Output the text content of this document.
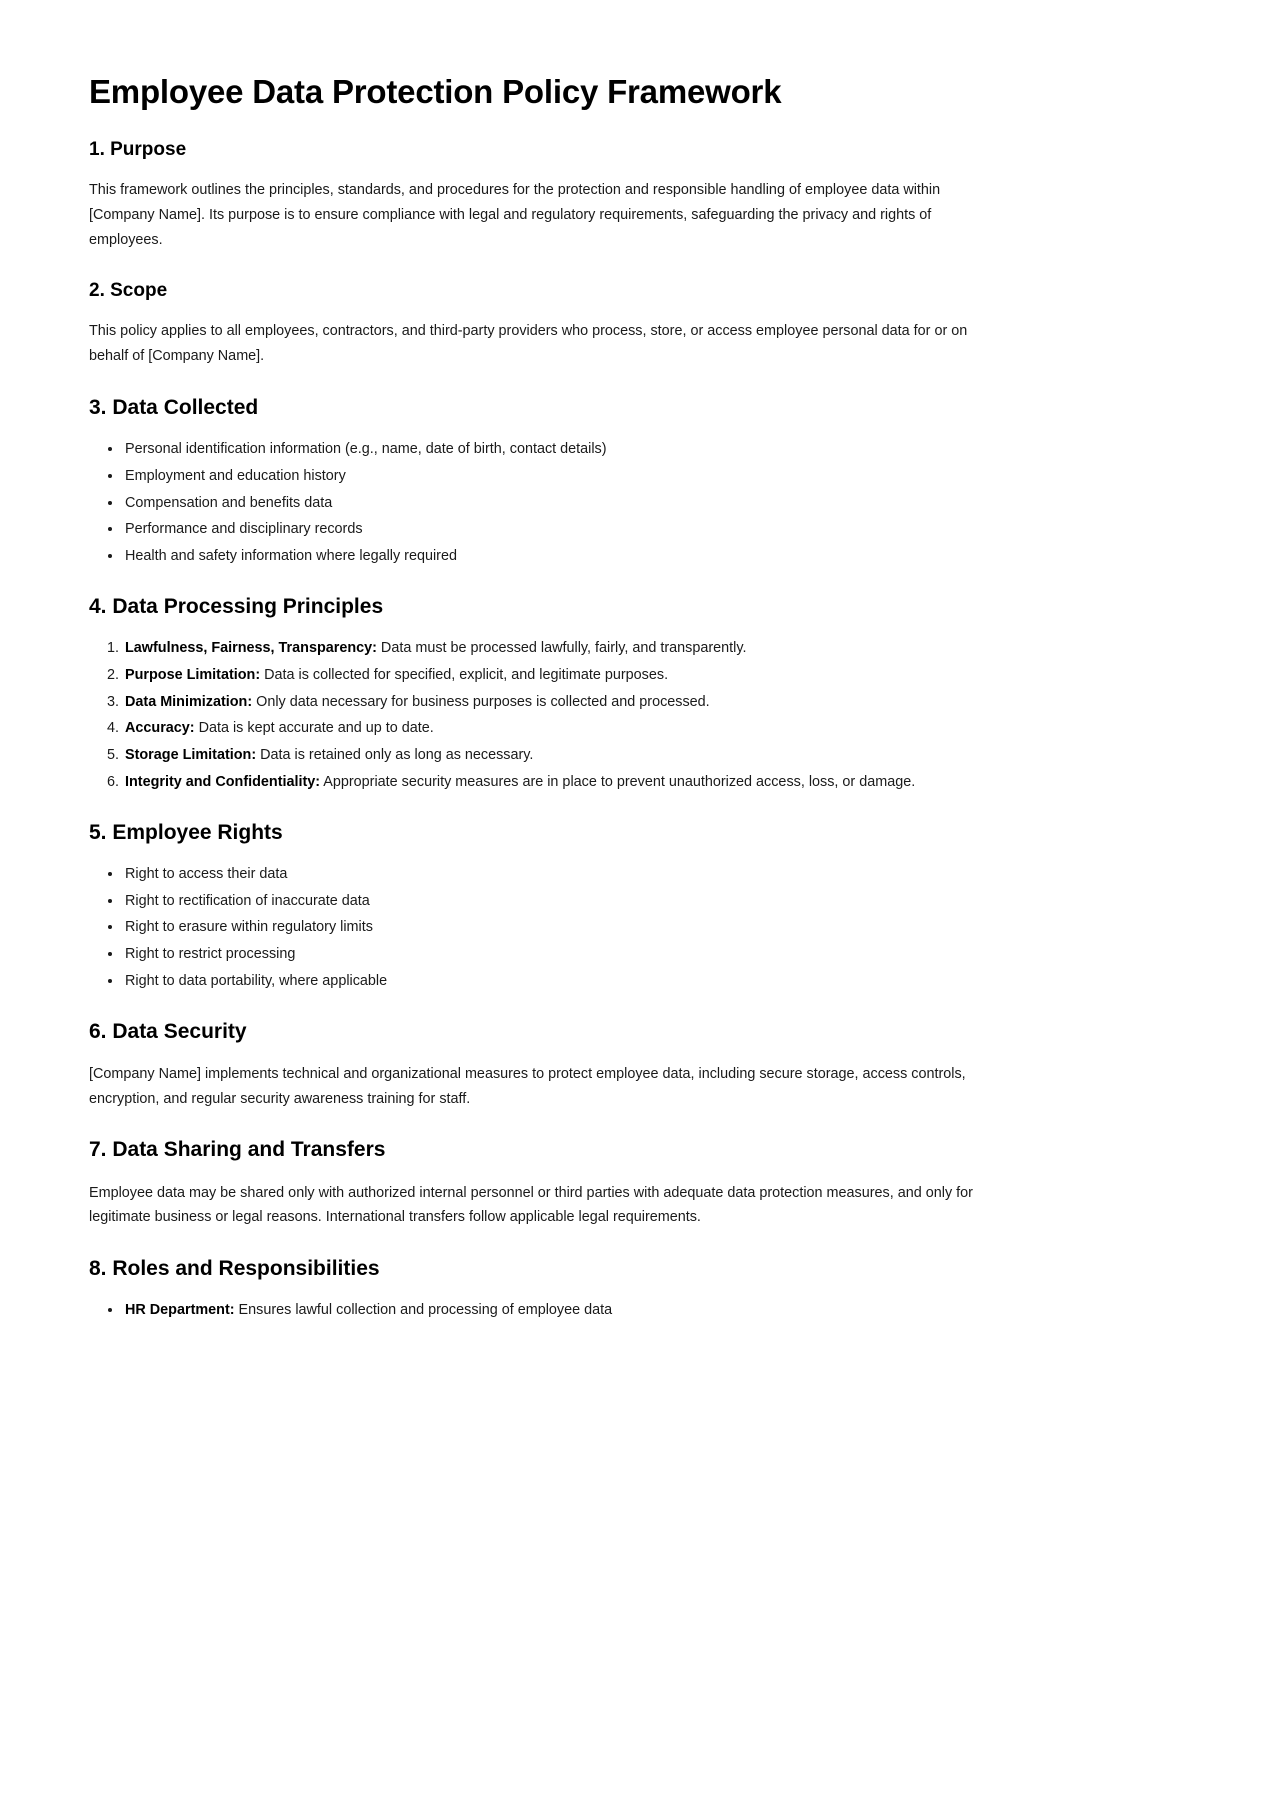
Employee Data Protection Policy Framework
1. Purpose

This framework outlines the principles, standards, and procedures for the protection and responsible handling of employee data within [Company Name]. Its purpose is to ensure compliance with legal and regulatory requirements, safeguarding the privacy and rights of employees.

2. Scope

This policy applies to all employees, contractors, and third-party providers who process, store, or access employee personal data for or on behalf of [Company Name].

3. Data Collected
• Personal identification information (e.g., name, date of birth, contact details)
• Employment and education history
• Compensation and benefits data
• Performance and disciplinary records
• Health and safety information where legally required
4. Data Processing Principles
1. Lawfulness, Fairness, Transparency: Data must be processed lawfully, fairly, and transparently.
2. Purpose Limitation: Data is collected for specified, explicit, and legitimate purposes.
3. Data Minimization: Only data necessary for business purposes is collected and processed.
4. Accuracy: Data is kept accurate and up to date.
5. Storage Limitation: Data is retained only as long as necessary.
6. Integrity and Confidentiality: Appropriate security measures are in place to prevent unauthorized access, loss, or damage.
5. Employee Rights
• Right to access their data
• Right to rectification of inaccurate data
• Right to erasure within regulatory limits
• Right to restrict processing
• Right to data portability, where applicable
6. Data Security

[Company Name] implements technical and organizational measures to protect employee data, including secure storage, access controls, encryption, and regular security awareness training for staff.

7. Data Sharing and Transfers

Employee data may be shared only with authorized internal personnel or third parties with adequate data protection measures, and only for legitimate business or legal reasons. International transfers follow applicable legal requirements.

8. Roles and Responsibilities
• HR Department: Ensures lawful collection and processing of employee data
